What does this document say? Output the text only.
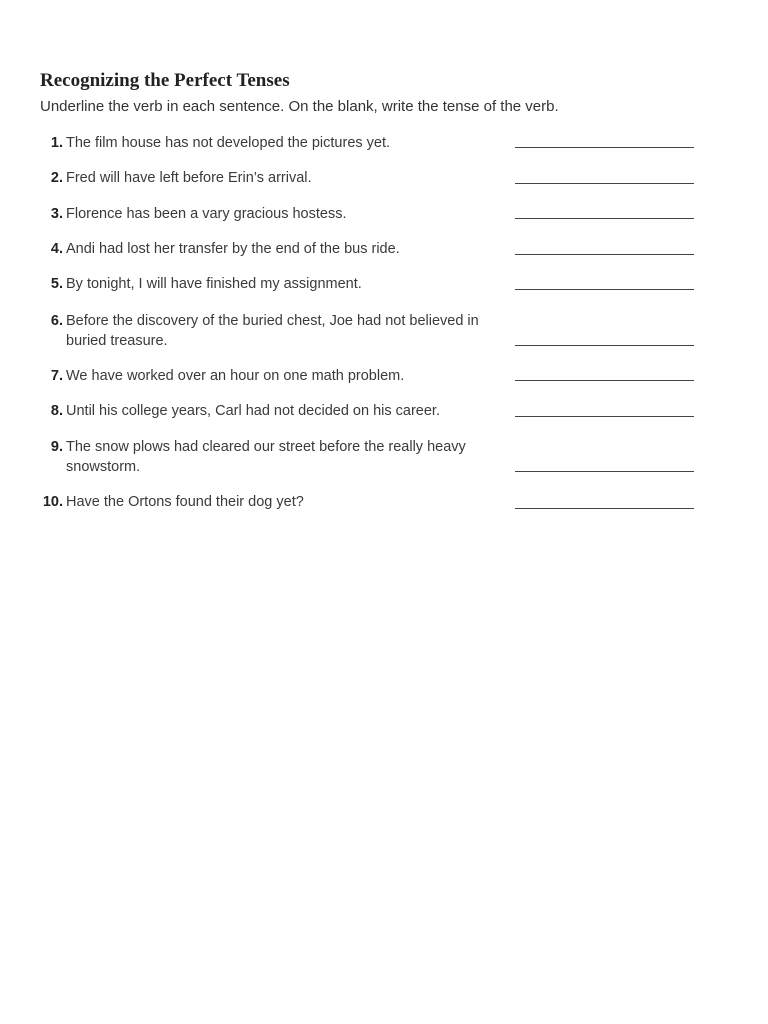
Recognizing the Perfect Tenses

Underline the verb in each sentence. On the blank, write the tense of the verb.

1. The film house has not developed the pictures yet.
2. Fred will have left before Erin’s arrival.
3. Florence has been a vary gracious hostess.
4. Andi had lost her transfer by the end of the bus ride.
5. By tonight, I will have finished my assignment.
6. Before the discovery of the buried chest, Joe had not believed in buried treasure.
7. We have worked over an hour on one math problem.
8. Until his college years, Carl had not decided on his career.
9. The snow plows had cleared our street before the really heavy snowstorm.
10. Have the Ortons found their dog yet?
